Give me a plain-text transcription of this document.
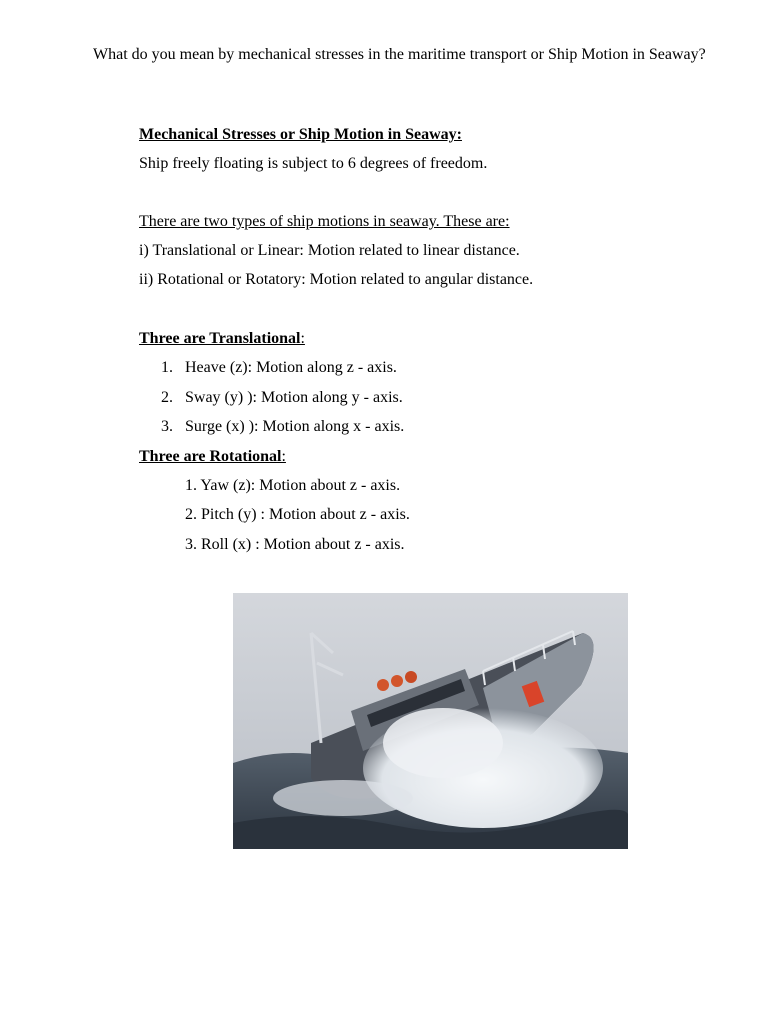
What do you mean by mechanical stresses in the maritime transport or Ship Motion in Seaway?

Mechanical Stresses or Ship Motion in Seaway:
Ship freely floating is subject to 6 degrees of freedom.
There are two types of ship motions in seaway. These are:
i) Translational or Linear: Motion related to linear distance.
ii) Rotational or Rotatory: Motion related to angular distance.
Three are Translational:
1. Heave (z): Motion along z - axis.
2. Sway (y) ): Motion along y - axis.
3. Surge (x) ): Motion along x - axis.
Three are Rotational:
1. Yaw (z): Motion about z - axis.
2. Pitch (y) : Motion about z - axis.
3. Roll (x) : Motion about z - axis.
